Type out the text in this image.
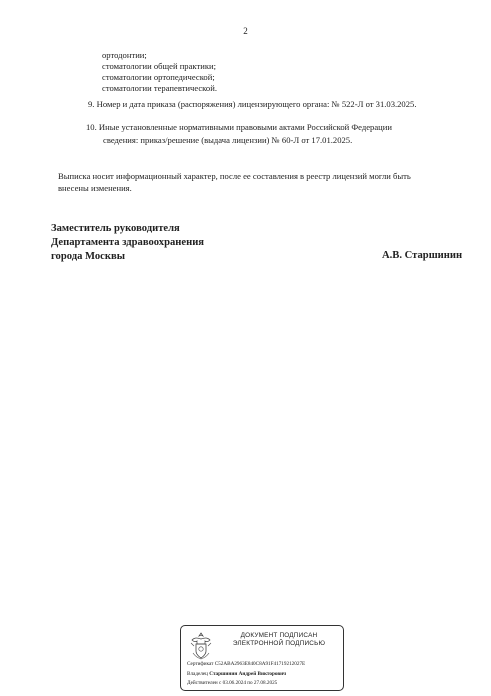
2
ортодонтии;
стоматологии общей практики;
стоматологии ортопедической;
стоматологии терапевтической.
9. Номер и дата приказа (распоряжения) лицензирующего органа: № 522-Л от 31.03.2025.
10. Иные установленные нормативными правовыми актами Российской Федерации
сведения: приказ/решение (выдача лицензии) № 60-Л от 17.01.2025.
Выписка носит информационный характер, после ее составления в реестр лицензий могли быть
внесены изменения.
Заместитель руководителя
Департамента здравоохранения
города Москвы	А.В. Старшинин
ДОКУМЕНТ ПОДПИСАН
ЭЛЕКТРОННОЙ ПОДПИСЬЮ
Сертификат C52ABA2963E840C8A91F41719212027E
Владелец Старшинин Андрей Викторович
Действителен с 03.06.2024 по 27.08.2025
